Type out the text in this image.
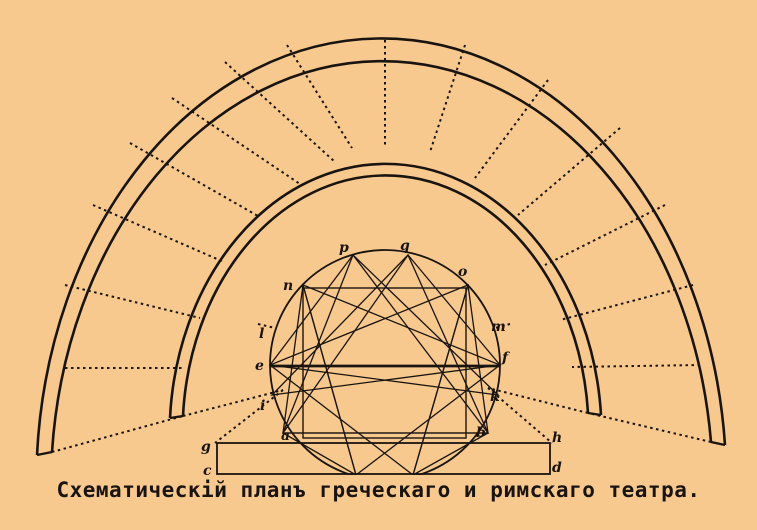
p	q
n
o
l	m
e	f
i
k
g
a	b	h
c	d
Схематическій планъ греческаго и римскаго театра.
